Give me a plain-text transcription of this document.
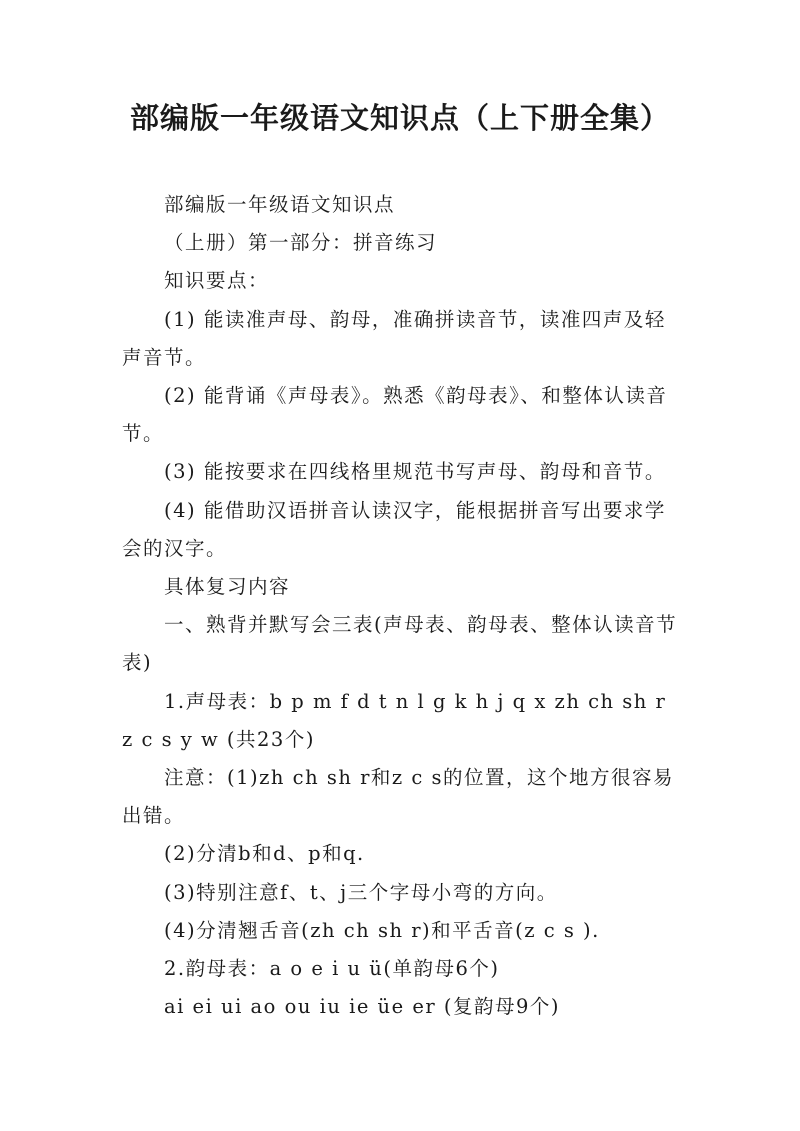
部编版一年级语文知识点（上下册全集）

部编版一年级语文知识点

（上册）第一部分：拼音练习

知识要点：

(1) 能读准声母、韵母，准确拼读音节，读准四声及轻声音节。

(2) 能背诵《声母表》。熟悉《韵母表》、和整体认读音节。

(3) 能按要求在四线格里规范书写声母、韵母和音节。

(4) 能借助汉语拼音认读汉字，能根据拼音写出要求学会的汉字。

具体复习内容

一、熟背并默写会三表(声母表、韵母表、整体认读音节表)

1.声母表：b p m f d t n l g k h j q x zh ch sh r z c s y w (共23个)

注意：(1)zh ch sh r和z c s的位置，这个地方很容易出错。

(2)分清b和d、p和q.

(3)特别注意f、t、j三个字母小弯的方向。

(4)分清翘舌音(zh ch sh r)和平舌音(z c s ).

2.韵母表：a o e i u ü(单韵母6个)

ai ei ui ao ou iu ie üe er (复韵母9个)
